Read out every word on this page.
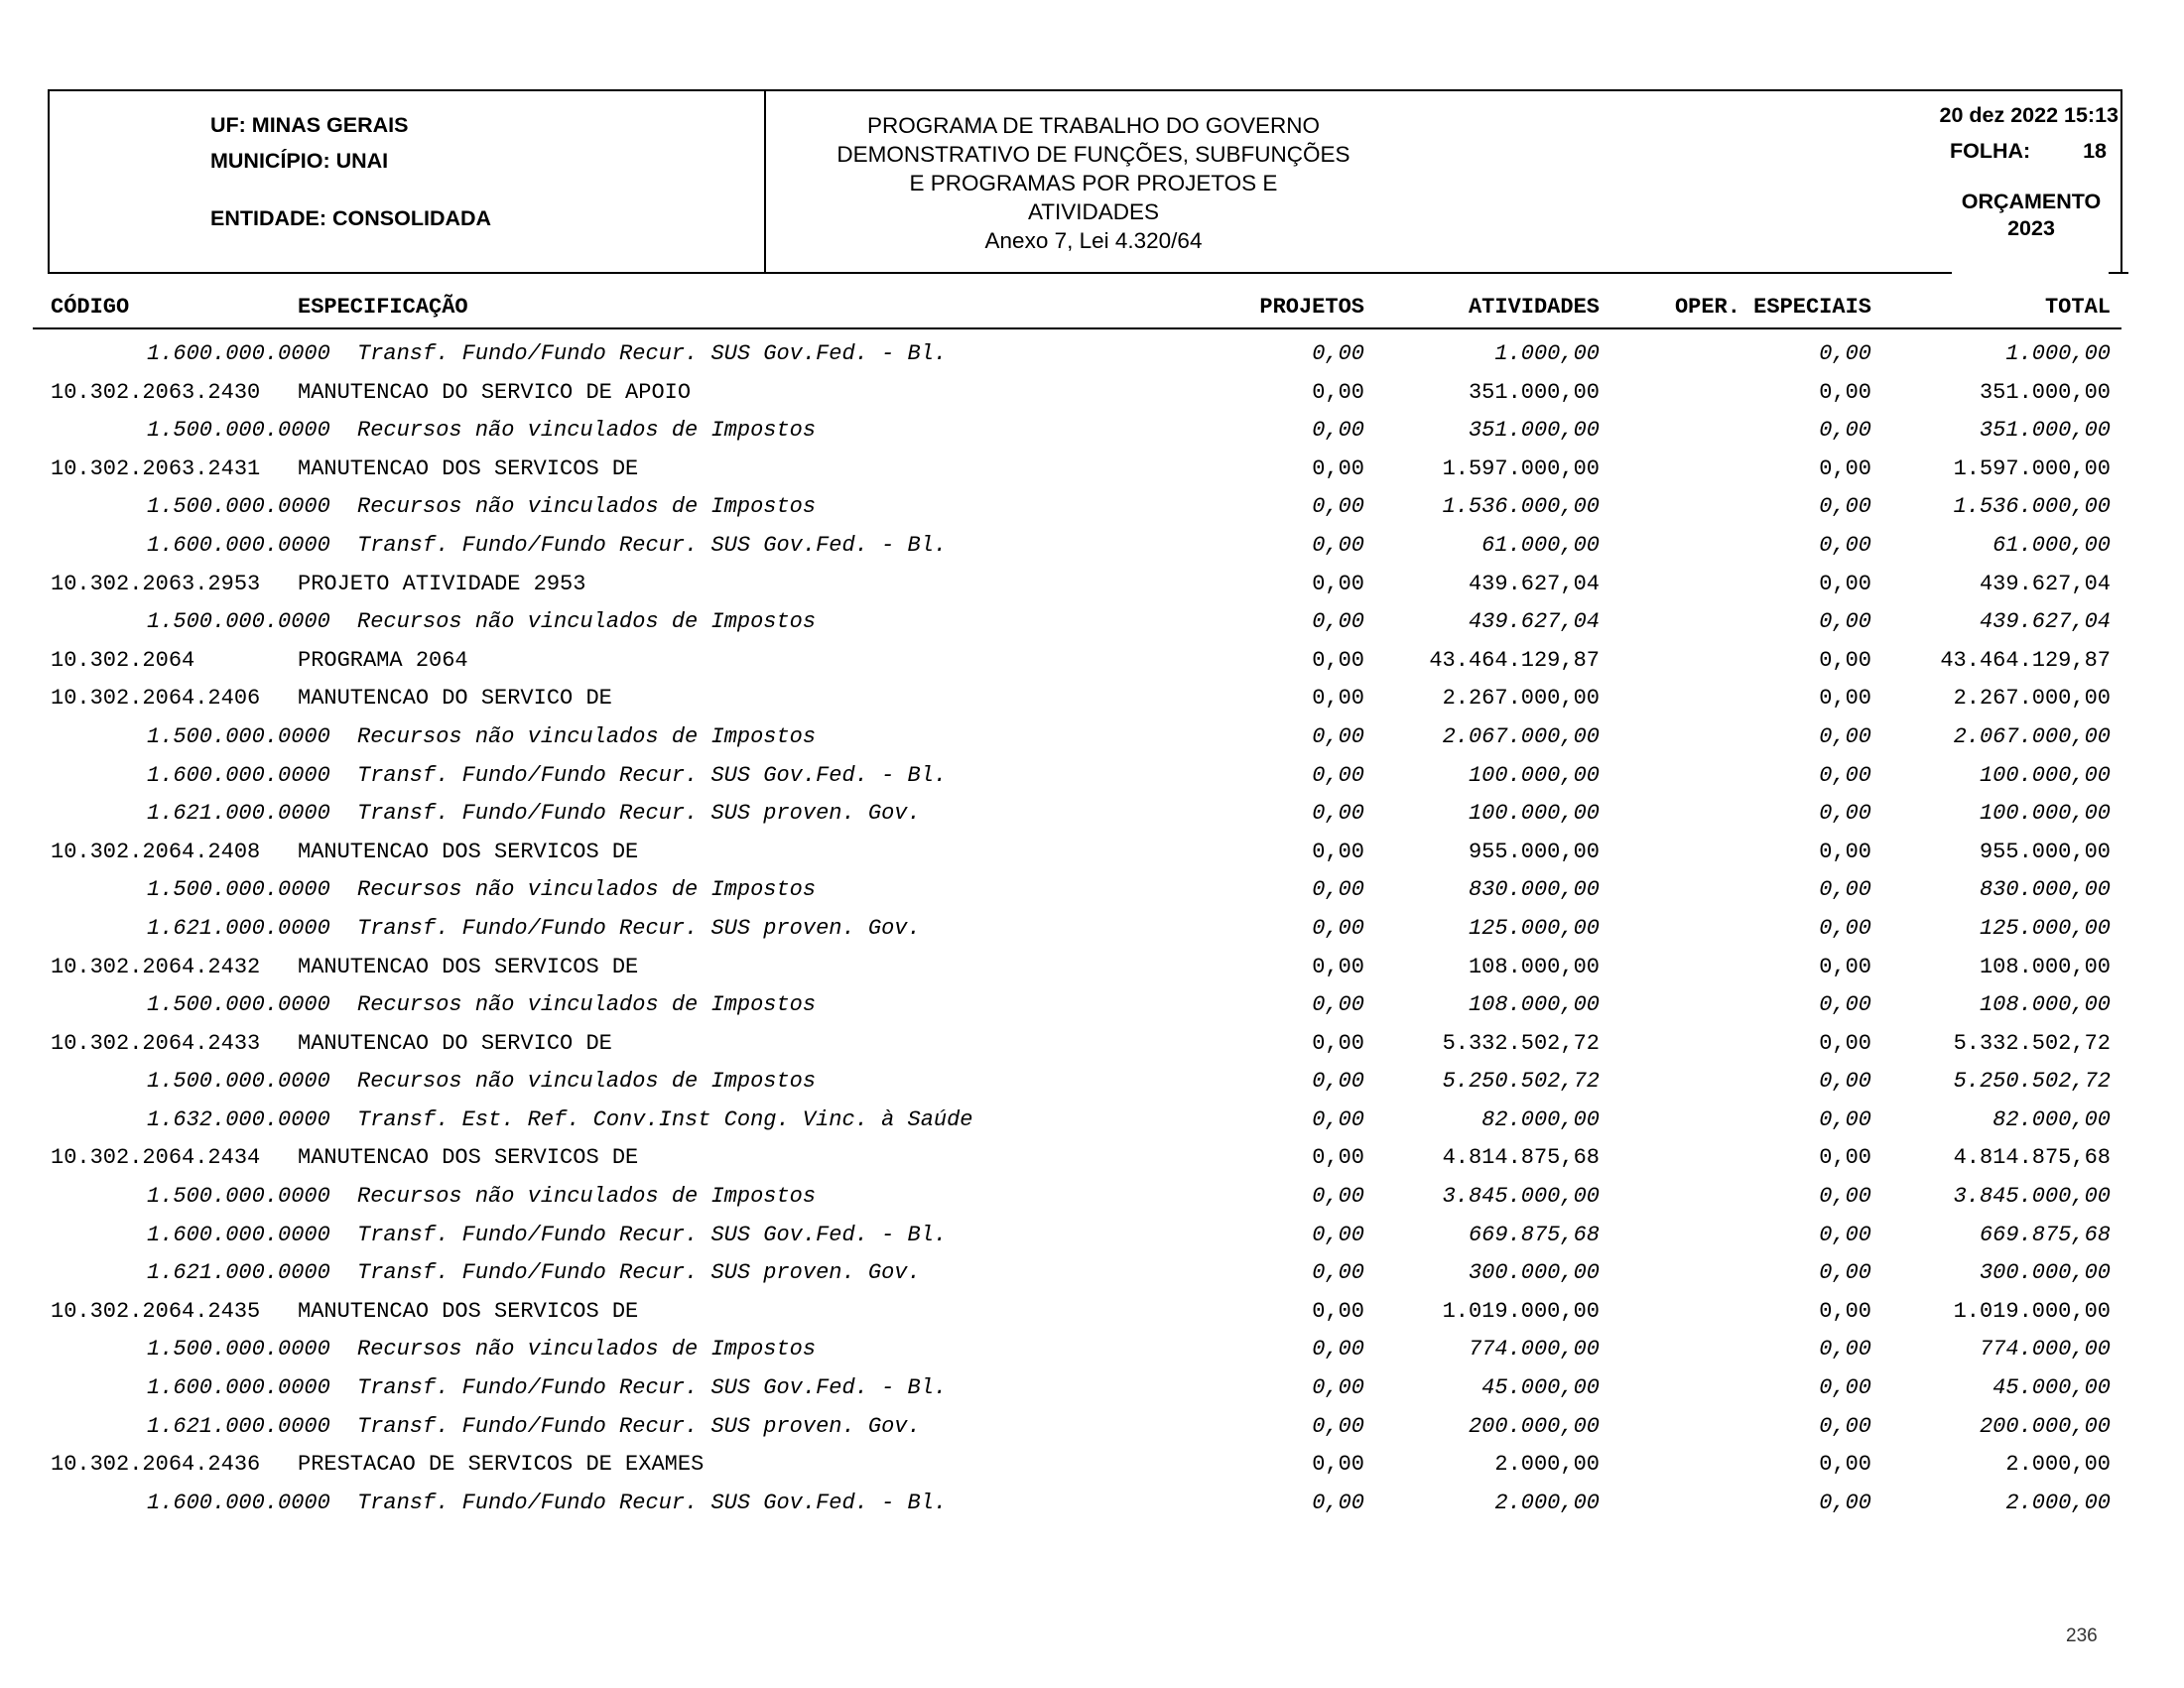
UF: MINAS GERAIS
MUNICÍPIO: UNAI
ENTIDADE: CONSOLIDADA
PROGRAMA DE TRABALHO DO GOVERNO
DEMONSTRATIVO DE FUNÇÕES, SUBFUNÇÕES
E PROGRAMAS POR PROJETOS E
ATIVIDADES
Anexo 7, Lei 4.320/64
20 dez 2022 15:13
FOLHA: 18
ORÇAMENTO
2023
CÓDIGO	ESPECIFICAÇÃO	PROJETOS	ATIVIDADES	OPER. ESPECIAIS	TOTAL
1.600.000.0000 Transf. Fundo/Fundo Recur. SUS Gov.Fed. - Bl.	0,00	1.000,00	0,00	1.000,00
10.302.2063.2430 MANUTENCAO DO SERVICO DE APOIO	0,00	351.000,00	0,00	351.000,00
1.500.000.0000 Recursos não vinculados de Impostos	0,00	351.000,00	0,00	351.000,00
10.302.2063.2431 MANUTENCAO DOS SERVICOS DE	0,00	1.597.000,00	0,00	1.597.000,00
1.500.000.0000 Recursos não vinculados de Impostos	0,00	1.536.000,00	0,00	1.536.000,00
1.600.000.0000 Transf. Fundo/Fundo Recur. SUS Gov.Fed. - Bl.	0,00	61.000,00	0,00	61.000,00
10.302.2063.2953 PROJETO ATIVIDADE 2953	0,00	439.627,04	0,00	439.627,04
1.500.000.0000 Recursos não vinculados de Impostos	0,00	439.627,04	0,00	439.627,04
10.302.2064	PROGRAMA 2064	0,00	43.464.129,87	0,00	43.464.129,87
10.302.2064.2406 MANUTENCAO DO SERVICO DE	0,00	2.267.000,00	0,00	2.267.000,00
1.500.000.0000 Recursos não vinculados de Impostos	0,00	2.067.000,00	0,00	2.067.000,00
1.600.000.0000 Transf. Fundo/Fundo Recur. SUS Gov.Fed. - Bl.	0,00	100.000,00	0,00	100.000,00
1.621.000.0000 Transf. Fundo/Fundo Recur. SUS proven. Gov.	0,00	100.000,00	0,00	100.000,00
10.302.2064.2408 MANUTENCAO DOS SERVICOS DE	0,00	955.000,00	0,00	955.000,00
1.500.000.0000 Recursos não vinculados de Impostos	0,00	830.000,00	0,00	830.000,00
1.621.000.0000 Transf. Fundo/Fundo Recur. SUS proven. Gov.	0,00	125.000,00	0,00	125.000,00
10.302.2064.2432 MANUTENCAO DOS SERVICOS DE	0,00	108.000,00	0,00	108.000,00
1.500.000.0000 Recursos não vinculados de Impostos	0,00	108.000,00	0,00	108.000,00
10.302.2064.2433 MANUTENCAO DO SERVICO DE	0,00	5.332.502,72	0,00	5.332.502,72
1.500.000.0000 Recursos não vinculados de Impostos	0,00	5.250.502,72	0,00	5.250.502,72
1.632.000.0000 Transf. Est. Ref. Conv.Inst Cong. Vinc. à Saúde	0,00	82.000,00	0,00	82.000,00
10.302.2064.2434 MANUTENCAO DOS SERVICOS DE	0,00	4.814.875,68	0,00	4.814.875,68
1.500.000.0000 Recursos não vinculados de Impostos	0,00	3.845.000,00	0,00	3.845.000,00
1.600.000.0000 Transf. Fundo/Fundo Recur. SUS Gov.Fed. - Bl.	0,00	669.875,68	0,00	669.875,68
1.621.000.0000 Transf. Fundo/Fundo Recur. SUS proven. Gov.	0,00	300.000,00	0,00	300.000,00
10.302.2064.2435 MANUTENCAO DOS SERVICOS DE	0,00	1.019.000,00	0,00	1.019.000,00
1.500.000.0000 Recursos não vinculados de Impostos	0,00	774.000,00	0,00	774.000,00
1.600.000.0000 Transf. Fundo/Fundo Recur. SUS Gov.Fed. - Bl.	0,00	45.000,00	0,00	45.000,00
1.621.000.0000 Transf. Fundo/Fundo Recur. SUS proven. Gov.	0,00	200.000,00	0,00	200.000,00
10.302.2064.2436 PRESTACAO DE SERVICOS DE EXAMES	0,00	2.000,00	0,00	2.000,00
1.600.000.0000 Transf. Fundo/Fundo Recur. SUS Gov.Fed. - Bl.	0,00	2.000,00	0,00	2.000,00
236
